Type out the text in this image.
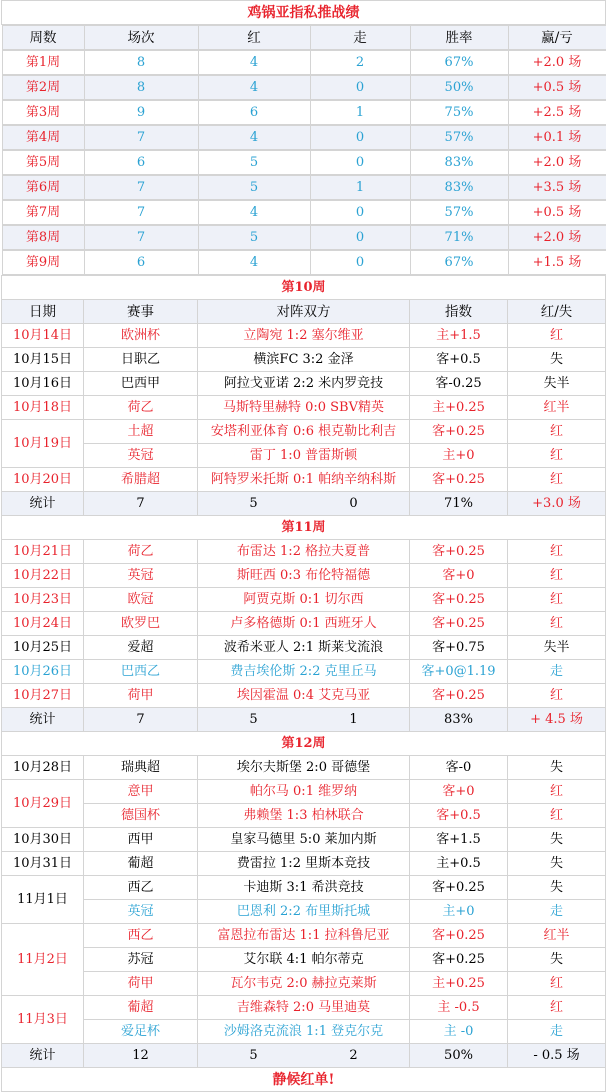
鸡锅亚指私推战绩

周数	场次	红	走	胜率	赢/亏

第1周	8	4	2	67%	+2.0 场

第2周	8	4	0	50%	+0.5 场

第3周	9	6	1	75%	+2.5 场

第4周	7	4	0	57%	+0.1 场

第5周	6	5	0	83%	+2.0 场

第6周	7	5	1	83%	+3.5 场

第7周	7	4	0	57%	+0.5 场

第8周	7	5	0	71%	+2.0 场

第9周	6	4	0	67%	+1.5 场

第10周
日期	赛事	对阵双方	指数	红/失
10月14日	欧洲杯	立陶宛 1:2 塞尔维亚	主+1.5	红
10月15日	日职乙	横滨FC 3:2 金泽	客+0.5	失
10月16日	巴西甲	阿拉戈亚诺 2:2 米内罗竞技	客-0.25	失半
10月18日	荷乙	马斯特里赫特 0:0 SBV精英	主+0.25	红半
10月19日	土超	安塔利亚体育 0:6 根克勒比利吉	客+0.25	红
英冠	雷丁 1:0 普雷斯顿	主+0	红
10月20日	希腊超	阿特罗米托斯 0:1 帕纳辛纳科斯	客+0.25	红
统计	7	5	0	71%	+3.0 场
第11周
10月21日	荷乙	布雷达 1:2 格拉夫夏普	客+0.25	红
10月22日	英冠	斯旺西 0:3 布伦特福德	客+0	红
10月23日	欧冠	阿贾克斯 0:1 切尔西	客+0.25	红
10月24日	欧罗巴	卢多格德斯 0:1 西班牙人	客+0.25	红
10月25日	爱超	波希米亚人 2:1 斯莱戈流浪	客+0.75	失半
10月26日	巴西乙	费吉埃伦斯 2:2 克里丘马	客+0@1.19	走
10月27日	荷甲	埃因霍温 0:4 艾克马亚	客+0.25	红
统计	7	5	1	83%	+ 4.5 场
第12周
10月28日	瑞典超	埃尔夫斯堡 2:0 哥德堡	客-0	失
10月29日	意甲	帕尔马 0:1 维罗纳	客+0	红
德国杯	弗赖堡 1:3 柏林联合	客+0.5	红
10月30日	西甲	皇家马德里 5:0 莱加内斯	客+1.5	失
10月31日	葡超	费雷拉 1:2 里斯本竞技	主+0.5	失
11月1日	西乙	卡迪斯 3:1 希洪竞技	客+0.25	失
英冠	巴恩利 2:2 布里斯托城	主+0	走
11月2日	西乙	富恩拉布雷达 1:1 拉科鲁尼亚	客+0.25	红半
苏冠	艾尔联 4:1 帕尔蒂克	客+0.25	失
荷甲	瓦尔韦克 2:0 赫拉克莱斯	主+0.25	红
11月3日	葡超	吉维森特 2:0 马里迪莫	主 -0.5	红
爱足杯	沙姆洛克流浪 1:1 登克尔克	主 -0	走
统计	12	5	2	50%	- 0.5 场
静候红单!
